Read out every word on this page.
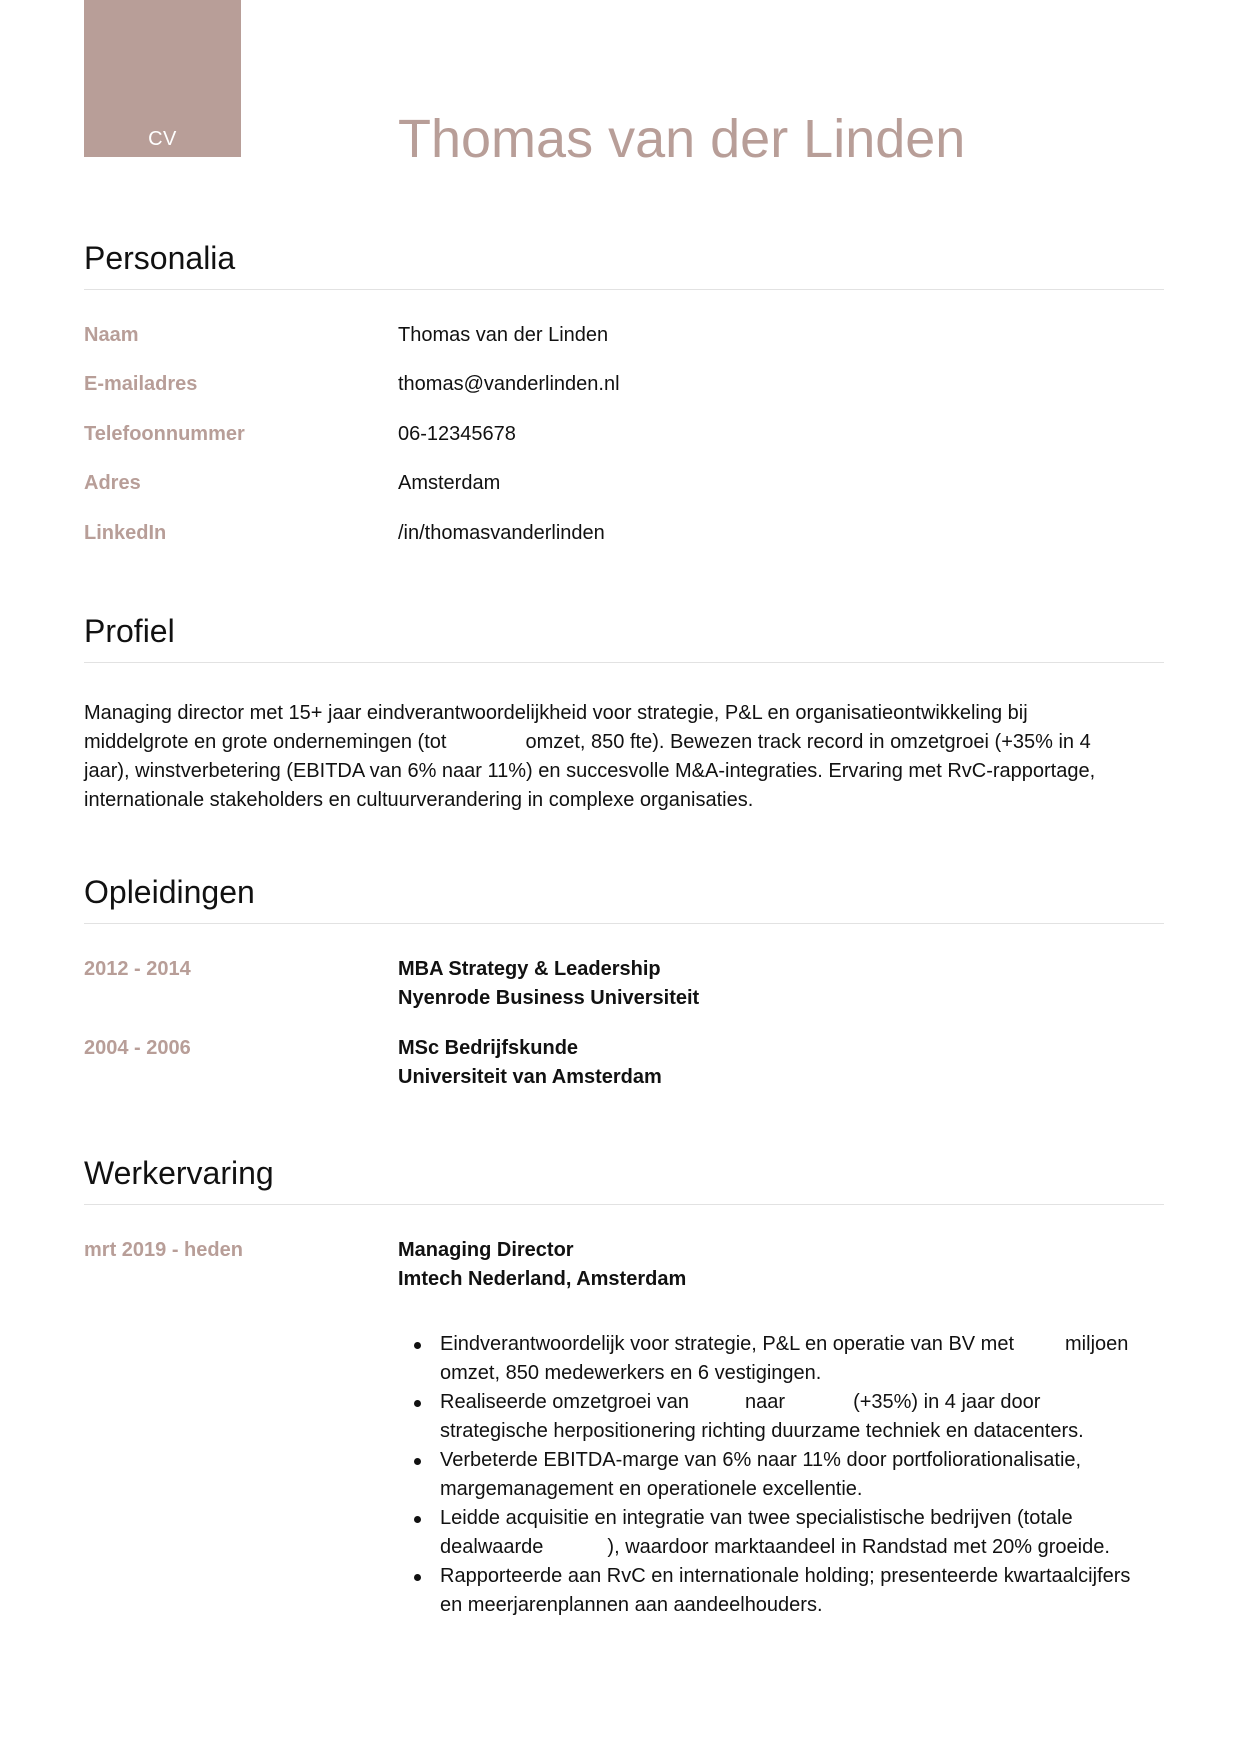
CV	Thomas van der Linden
Personalia
Naam	Thomas van der Linden
E-mailadres	thomas@vanderlinden.nl
Telefoonnummer	06-12345678
Adres	Amsterdam
LinkedIn	/in/thomasvanderlinden
Profiel
Managing director met 15+ jaar eindverantwoordelijkheid voor strategie, P&L en organisatieontwikkeling bij
middelgrote en grote ondernemingen (tot	omzet, 850 fte). Bewezen track record in omzetgroei (+35% in 4
jaar), winstverbetering (EBITDA van 6% naar 11%) en succesvolle M&A-integraties. Ervaring met RvC-rapportage,
internationale stakeholders en cultuurverandering in complexe organisaties.
Opleidingen
2012 - 2014	MBA Strategy & Leadership
Nyenrode Business Universiteit
2004 - 2006	MSc Bedrijfskunde
Universiteit van Amsterdam
Werkervaring
mrt 2019 - heden	Managing Director
Imtech Nederland, Amsterdam
Eindverantwoordelijk voor strategie, P&L en operatie van BV met	miljoen
omzet, 850 medewerkers en 6 vestigingen.
Realiseerde omzetgroei van	naar	(+35%) in 4 jaar door
strategische herpositionering richting duurzame techniek en datacenters.
Verbeterde EBITDA-marge van 6% naar 11% door portfoliorationalisatie,
margemanagement en operationele excellentie.
Leidde acquisitie en integratie van twee specialistische bedrijven (totale
dealwaarde	), waardoor marktaandeel in Randstad met 20% groeide.
Rapporteerde aan RvC en internationale holding; presenteerde kwartaalcijfers
en meerjarenplannen aan aandeelhouders.
